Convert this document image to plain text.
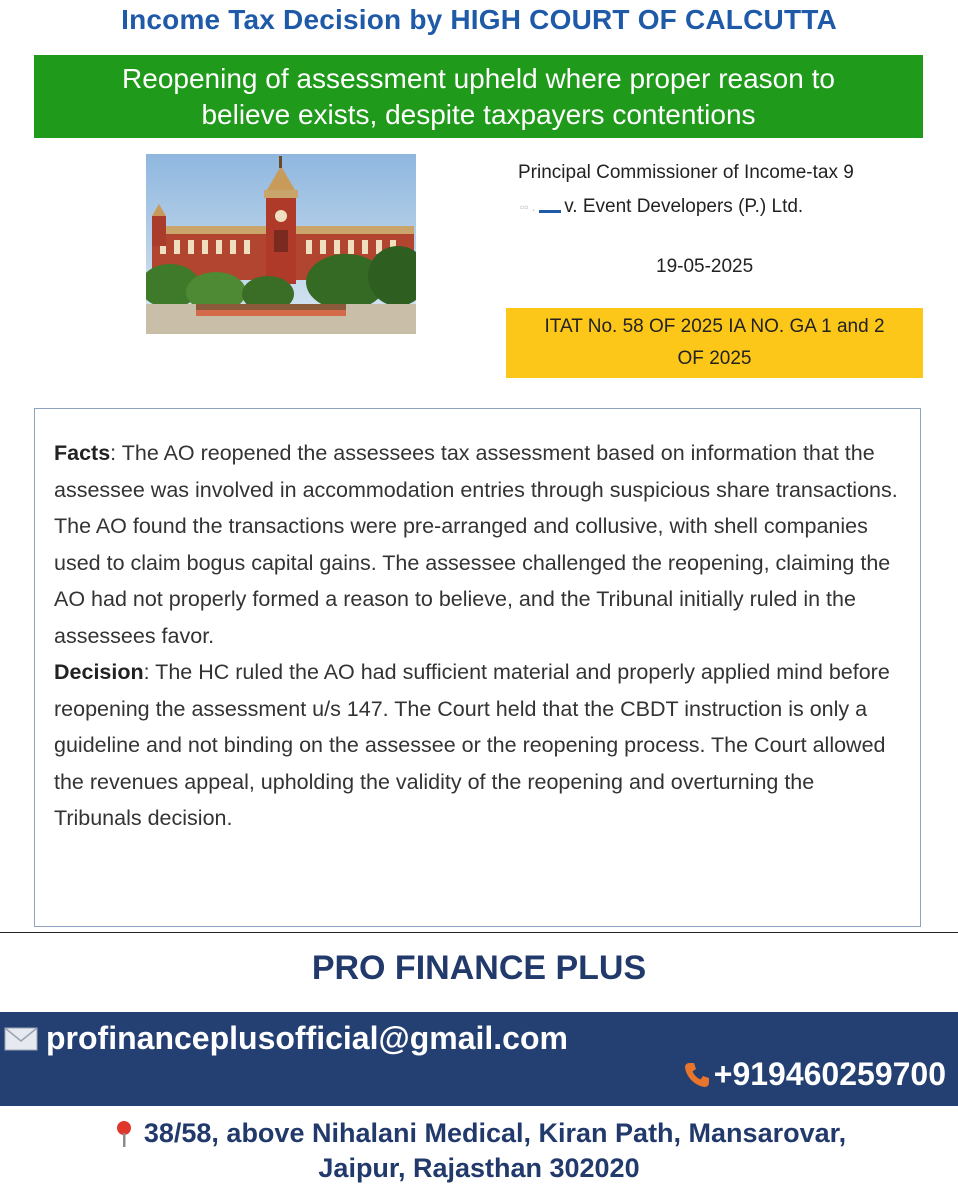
Income Tax Decision by HIGH COURT OF CALCUTTA
Reopening of assessment upheld where proper reason to
believe exists, despite taxpayers contentions
Principal Commissioner of Income-tax 9
▫▫ . v. Event Developers (P.) Ltd.
19-05-2025
ITAT No. 58 OF 2025 IA NO. GA 1 and 2
OF 2025

Facts: The AO reopened the assessees tax assessment based on information that the assessee was involved in accommodation entries through suspicious share transactions. The AO found the transactions were pre-arranged and collusive, with shell companies used to claim bogus capital gains. The assessee challenged the reopening, claiming the AO had not properly formed a reason to believe, and the Tribunal initially ruled in the assessees favor.

Decision: The HC ruled the AO had sufficient material and properly applied mind before reopening the assessment u/s 147. The Court held that the CBDT instruction is only a guideline and not binding on the assessee or the reopening process. The Court allowed the revenues appeal, upholding the validity of the reopening and overturning the Tribunals decision.

PRO FINANCE PLUS
profinanceplusofficial@gmail.com
+919460259700
38/58, above Nihalani Medical, Kiran Path, Mansarovar,
Jaipur, Rajasthan 302020
